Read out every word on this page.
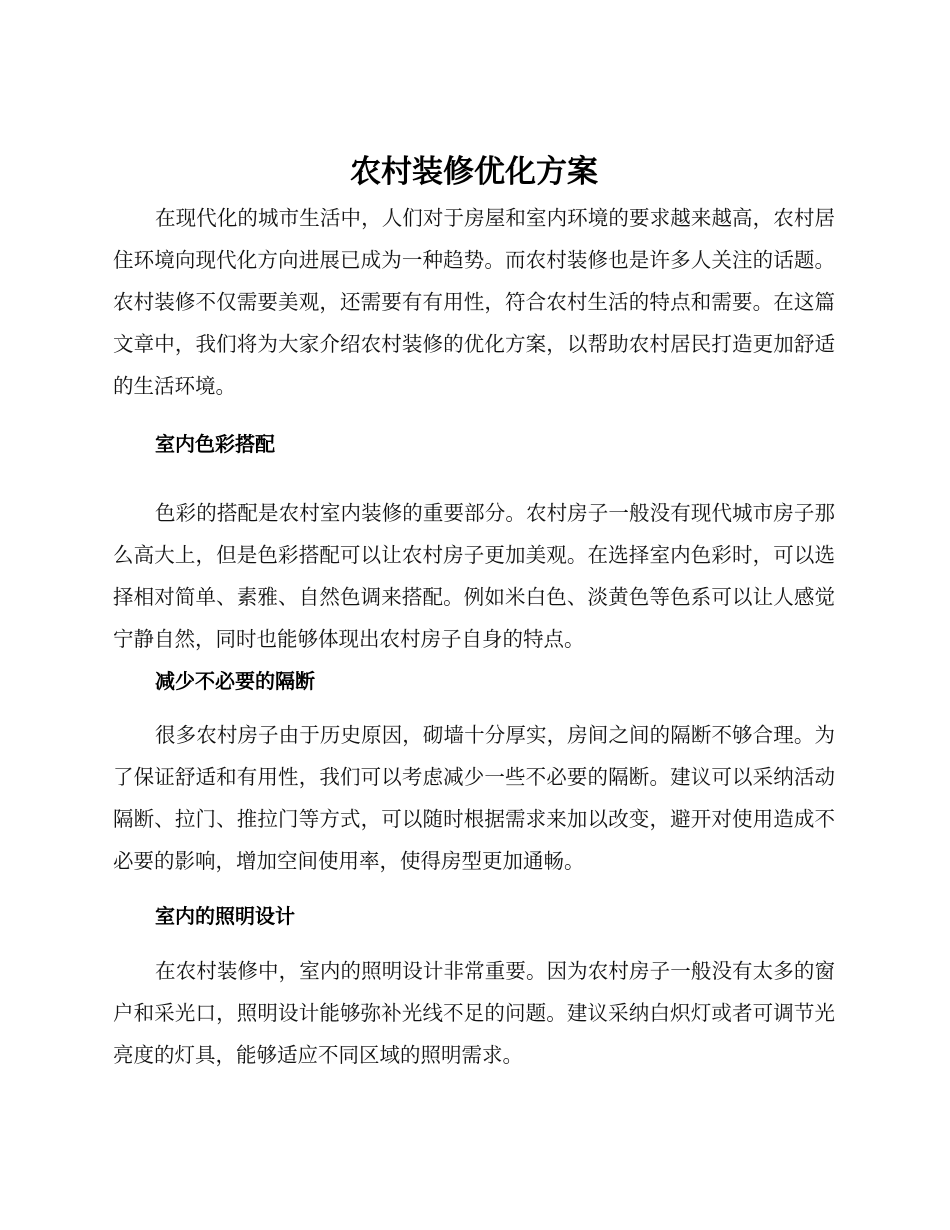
农村装修优化方案

在现代化的城市生活中，人们对于房屋和室内环境的要求越来越高，农村居住环境向现代化方向进展已成为一种趋势。而农村装修也是许多人关注的话题。农村装修不仅需要美观，还需要有有用性，符合农村生活的特点和需要。在这篇文章中，我们将为大家介绍农村装修的优化方案，以帮助农村居民打造更加舒适的生活环境。

室内色彩搭配

色彩的搭配是农村室内装修的重要部分。农村房子一般没有现代城市房子那么高大上，但是色彩搭配可以让农村房子更加美观。在选择室内色彩时，可以选择相对简单、素雅、自然色调来搭配。例如米白色、淡黄色等色系可以让人感觉宁静自然，同时也能够体现出农村房子自身的特点。

减少不必要的隔断

很多农村房子由于历史原因，砌墙十分厚实，房间之间的隔断不够合理。为了保证舒适和有用性，我们可以考虑减少一些不必要的隔断。建议可以采纳活动隔断、拉门、推拉门等方式，可以随时根据需求来加以改变，避开对使用造成不必要的影响，增加空间使用率，使得房型更加通畅。

室内的照明设计

在农村装修中，室内的照明设计非常重要。因为农村房子一般没有太多的窗户和采光口，照明设计能够弥补光线不足的问题。建议采纳白炽灯或者可调节光亮度的灯具，能够适应不同区域的照明需求。
